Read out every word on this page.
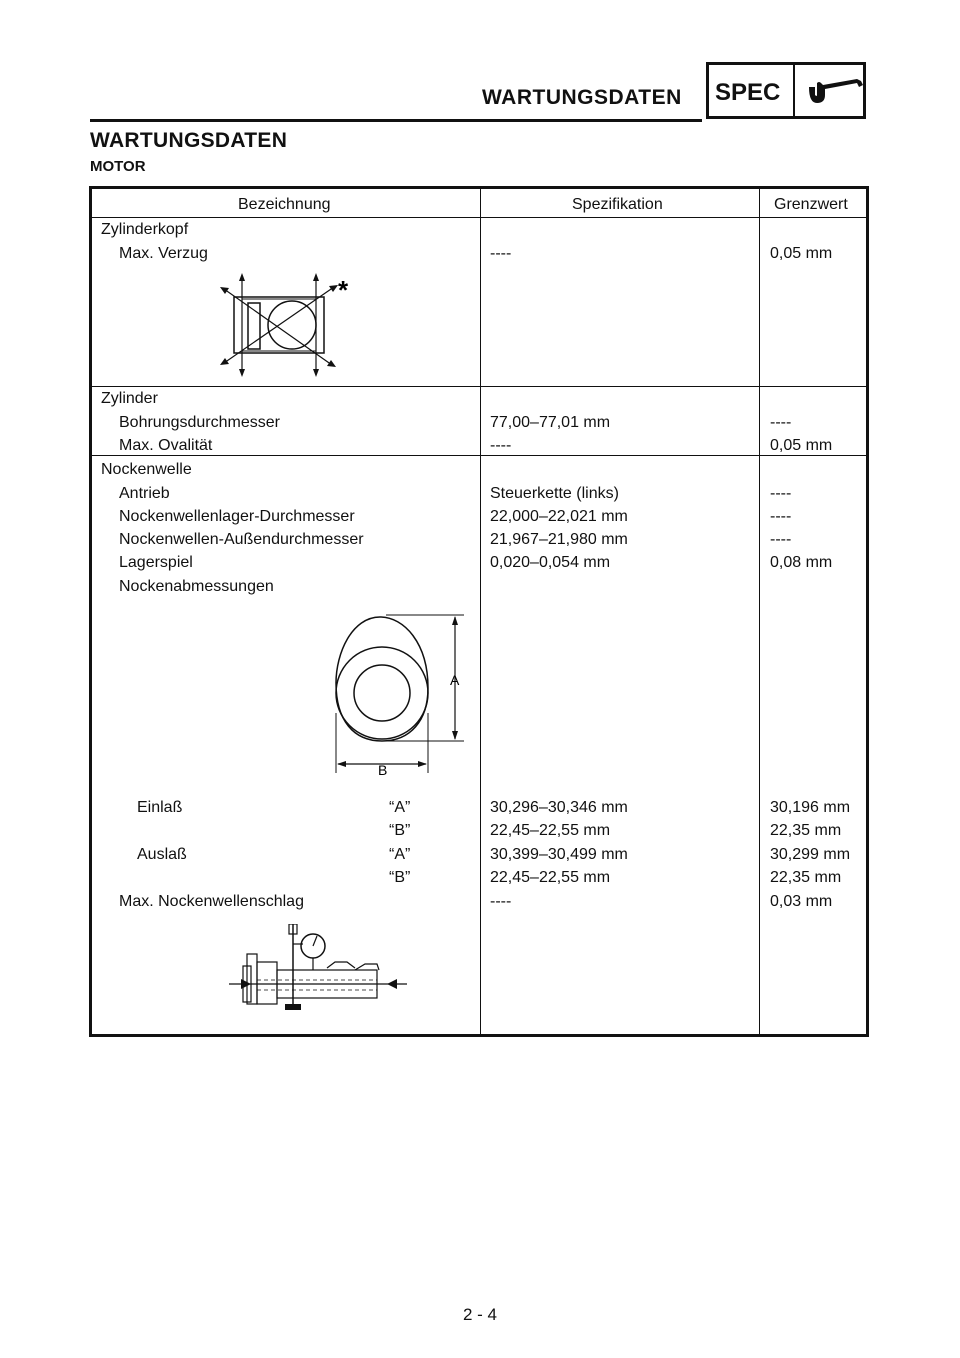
WARTUNGSDATEN SPEC
WARTUNGSDATEN
MOTOR
Bezeichnung	Spezifikation	Grenzwert
Zylinderkopf
Max. Verzug	----	0,05 mm
*
Zylinder
Bohrungsdurchmesser	77,00–77,01 mm	----
Max. Ovalität	----	0,05 mm
Nockenwelle
Antrieb	Steuerkette (links)	----
Nockenwellenlager-Durchmesser	22,000–22,021 mm	----
Nockenwellen-Außendurchmesser	21,967–21,980 mm	----
Lagerspiel	0,020–0,054 mm	0,08 mm
Nockenabmessungen
A
B
Einlaß	“A”	30,296–30,346 mm	30,196 mm
“B”	22,45–22,55 mm	22,35 mm
Auslaß	“A”	30,399–30,499 mm	30,299 mm
“B”	22,45–22,55 mm	22,35 mm
Max. Nockenwellenschlag	----	0,03 mm
2 - 4
